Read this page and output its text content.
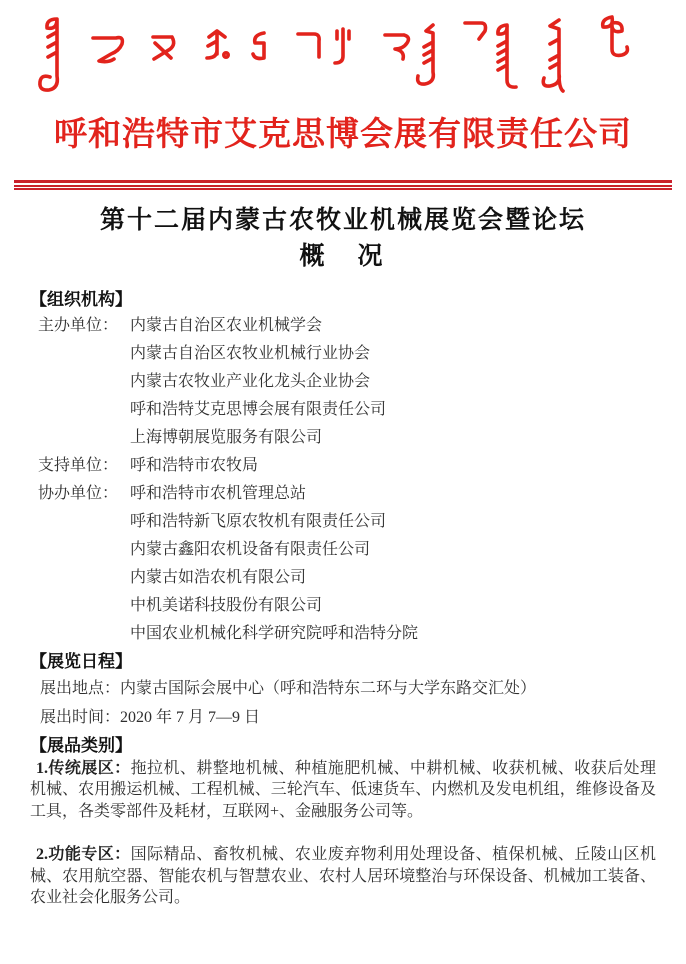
呼和浩特市艾克思博会展有限责任公司
第十二届内蒙古农牧业机械展览会暨论坛
概　况
【组织机构】
主办单位： 内蒙古自治区农业机械学会
内蒙古自治区农牧业机械行业协会
内蒙古农牧业产业化龙头企业协会
呼和浩特艾克思博会展有限责任公司
上海博朝展览服务有限公司
支持单位： 呼和浩特市农牧局
协办单位： 呼和浩特市农机管理总站
呼和浩特新飞原农牧机有限责任公司
内蒙古鑫阳农机设备有限责任公司
内蒙古如浩农机有限公司
中机美诺科技股份有限公司
中国农业机械化科学研究院呼和浩特分院
【展览日程】
展出地点：内蒙古国际会展中心（呼和浩特东二环与大学东路交汇处）
展出时间：2020 年 7 月 7—9 日
【展品类别】

1.传统展区：拖拉机、耕整地机械、种植施肥机械、中耕机械、收获机械、收获后处理机械、农用搬运机械、工程机械、三轮汽车、低速货车、内燃机及发电机组，维修设备及工具，各类零部件及耗材，互联网+、金融服务公司等。

2.功能专区：国际精品、畜牧机械、农业废弃物利用处理设备、植保机械、丘陵山区机械、农用航空器、智能农机与智慧农业、农村人居环境整治与环保设备、机械加工装备、农业社会化服务公司。
